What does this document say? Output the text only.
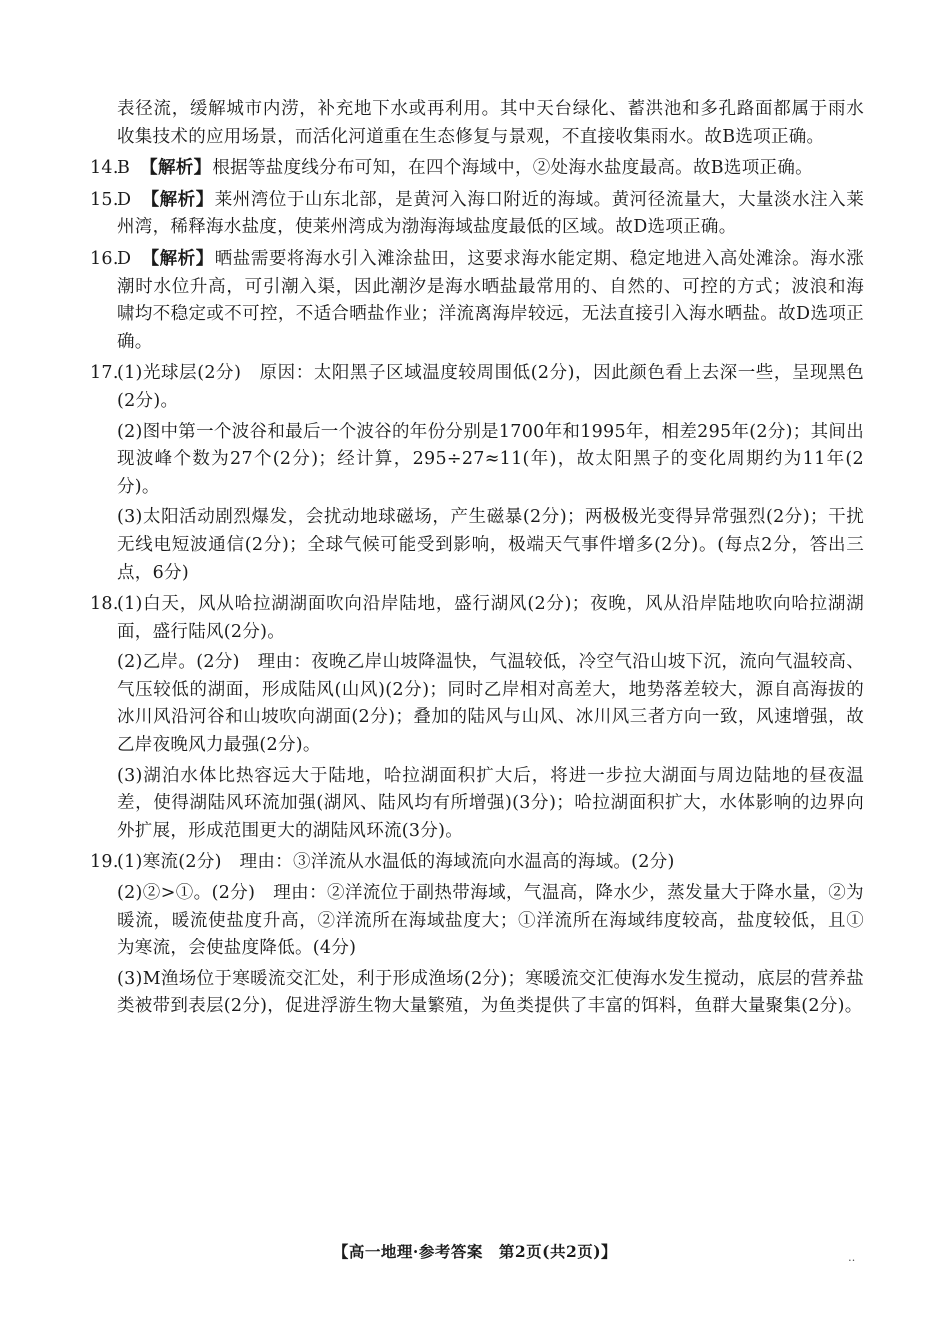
表径流，缓解城市内涝，补充地下水或再利用。其中天台绿化、蓄洪池和多孔路面都属于雨水收集技术的应用场景，而活化河道重在生态修复与景观，不直接收集雨水。故B选项正确。
14.
B 【解析】根据等盐度线分布可知，在四个海域中，②处海水盐度最高。故B选项正确。
15.
D 【解析】莱州湾位于山东北部，是黄河入海口附近的海域。黄河径流量大，大量淡水注入莱州湾，稀释海水盐度，使莱州湾成为渤海海域盐度最低的区域。故D选项正确。
16.
D 【解析】晒盐需要将海水引入滩涂盐田，这要求海水能定期、稳定地进入高处滩涂。海水涨潮时水位升高，可引潮入渠，因此潮汐是海水晒盐最常用的、自然的、可控的方式；波浪和海啸均不稳定或不可控，不适合晒盐作业；洋流离海岸较远，无法直接引入海水晒盐。故D选项正确。
17.
(1)光球层(2分)　原因：太阳黑子区域温度较周围低(2分)，因此颜色看上去深一些，呈现黑色(2分)。
(2)图中第一个波谷和最后一个波谷的年份分别是1700年和1995年，相差295年(2分)；其间出现波峰个数为27个(2分)；经计算，295÷27≈11(年)，故太阳黑子的变化周期约为11年(2分)。
(3)太阳活动剧烈爆发，会扰动地球磁场，产生磁暴(2分)；两极极光变得异常强烈(2分)；干扰无线电短波通信(2分)；全球气候可能受到影响，极端天气事件增多(2分)。(每点2分，答出三点，6分)
18.
(1)白天，风从哈拉湖湖面吹向沿岸陆地，盛行湖风(2分)；夜晚，风从沿岸陆地吹向哈拉湖湖面，盛行陆风(2分)。
(2)乙岸。(2分)　理由：夜晚乙岸山坡降温快，气温较低，冷空气沿山坡下沉，流向气温较高、气压较低的湖面，形成陆风(山风)(2分)；同时乙岸相对高差大，地势落差较大，源自高海拔的冰川风沿河谷和山坡吹向湖面(2分)；叠加的陆风与山风、冰川风三者方向一致，风速增强，故乙岸夜晚风力最强(2分)。
(3)湖泊水体比热容远大于陆地，哈拉湖面积扩大后，将进一步拉大湖面与周边陆地的昼夜温差，使得湖陆风环流加强(湖风、陆风均有所增强)(3分)；哈拉湖面积扩大，水体影响的边界向外扩展，形成范围更大的湖陆风环流(3分)。
19.
(1)寒流(2分)　理由：③洋流从水温低的海域流向水温高的海域。(2分)
(2)②>①。(2分)　理由：②洋流位于副热带海域，气温高，降水少，蒸发量大于降水量，②为暖流，暖流使盐度升高，②洋流所在海域盐度大；①洋流所在海域纬度较高，盐度较低，且①为寒流，会使盐度降低。(4分)
(3)M渔场位于寒暖流交汇处，利于形成渔场(2分)；寒暖流交汇使海水发生搅动，底层的营养盐类被带到表层(2分)，促进浮游生物大量繁殖，为鱼类提供了丰富的饵料，鱼群大量聚集(2分)。
【高一地理·参考答案　第2页(共2页)】	‥
